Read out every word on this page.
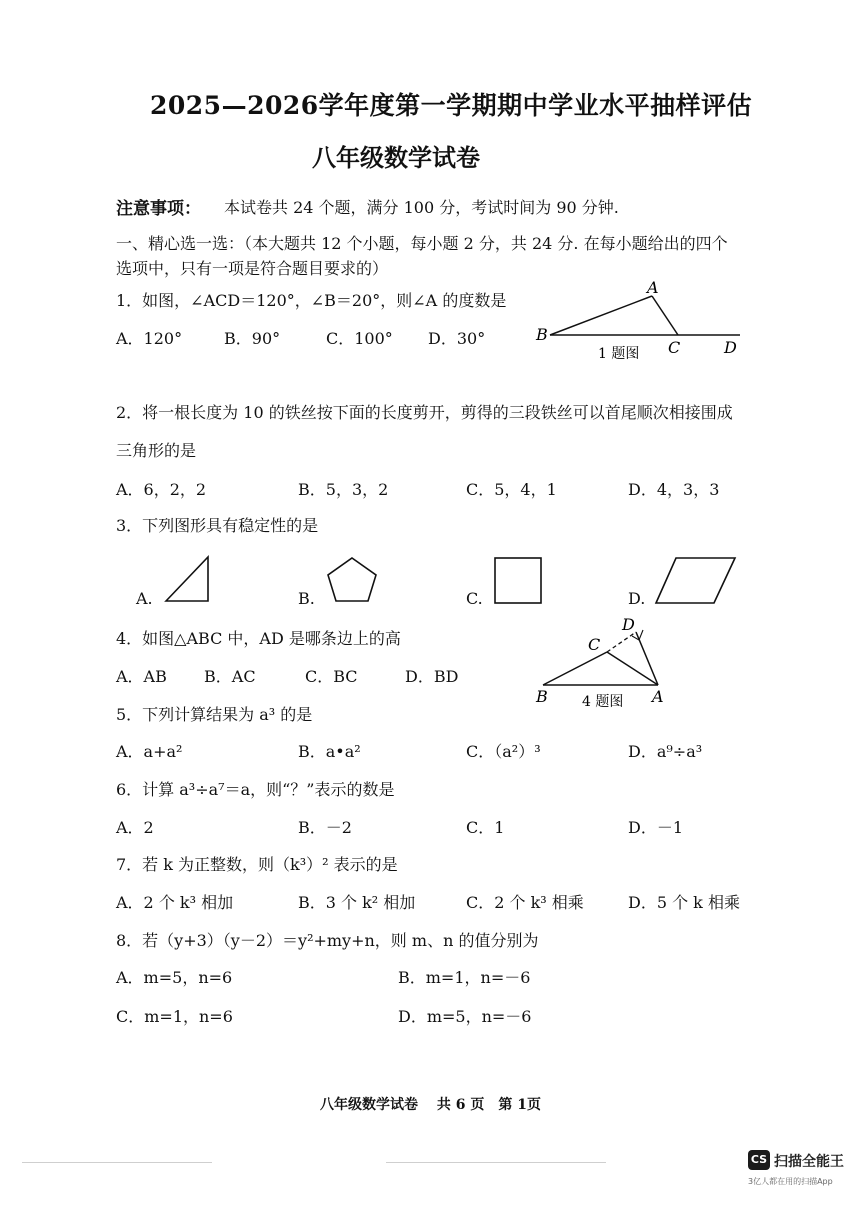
2025—2026学年度第一学期期中学业水平抽样评估
八年级数学试卷
注意事项： 本试卷共 24 个题，满分 100 分，考试时间为 90 分钟.
一、精心选一选：（本大题共 12 个小题，每小题 2 分，共 24 分. 在每小题给出的四个
选项中，只有一项是符合题目要求的）
1．如图，∠ACD＝120°，∠B＝20°，则∠A 的度数是
A．120°	B．90°	C．100° D．30°
A
B
C	D
1 题图
2．将一根长度为 10 的铁丝按下面的长度剪开，剪得的三段铁丝可以首尾顺次相接围成
三角形的是
A．6，2，2	B．5，3，2	C．5，4，1	D．4，3，3
3．下列图形具有稳定性的是
A.	B.	C.	D.
4．如图△ABC 中，AD 是哪条边上的高
A．AB B．AC	C．BC	D．BD
D
C
B	A
4 题图
5．下列计算结果为 a³ 的是
A．a+a²	B．a•a²	C．（a²）³	D．a⁹÷a³
6．计算 a³÷a⁷＝a，则“？”表示的数是
A．2	B．－2	C．1	D．－1
7．若 k 为正整数，则（k³）² 表示的是
A．2 个 k³ 相加	B．3 个 k² 相加	C．2 个 k³ 相乘	D．5 个 k 相乘
8．若（y+3）（y－2）＝y²+my+n，则 m、n 的值分别为
A．m=5，n=6	B．m=1，n=－6
C．m=1，n=6	D．m=5，n=－6
八年级数学试卷　 共 6 页　第 1页
CS 扫描全能王
3亿人都在用的扫描App
